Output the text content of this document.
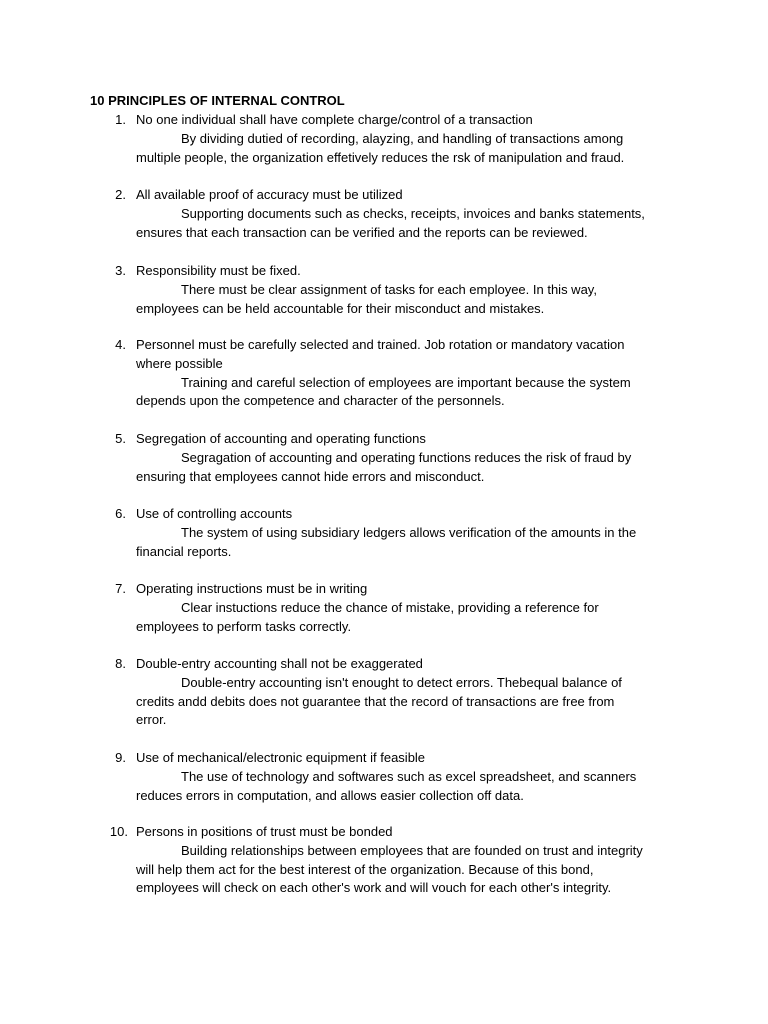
10 PRINCIPLES OF INTERNAL CONTROL
1. No one individual shall have complete charge/control of a transaction
By dividing dutied of recording, alayzing, and handling of transactions among
multiple people, the organization effetively reduces the rsk of manipulation and fraud.
2. All available proof of accuracy must be utilized
Supporting documents such as checks, receipts, invoices and banks statements,
ensures that each transaction can be verified and the reports can be reviewed.
3. Responsibility must be fixed.
There must be clear assignment of tasks for each employee. In this way,
employees can be held accountable for their misconduct and mistakes.
4. Personnel must be carefully selected and trained. Job rotation or mandatory vacation
where possible
Training and careful selection of employees are important because the system
depends upon the competence and character of the personnels.
5. Segregation of accounting and operating functions
Segragation of accounting and operating functions reduces the risk of fraud by
ensuring that employees cannot hide errors and misconduct.
6. Use of controlling accounts
The system of using subsidiary ledgers allows verification of the amounts in the
financial reports.
7. Operating instructions must be in writing
Clear instuctions reduce the chance of mistake, providing a reference for
employees to perform tasks correctly.
8. Double-entry accounting shall not be exaggerated
Double-entry accounting isn't enought to detect errors. Thebequal balance of
credits andd debits does not guarantee that the record of transactions are free from
error.
9. Use of mechanical/electronic equipment if feasible
The use of technology and softwares such as excel spreadsheet, and scanners
reduces errors in computation, and allows easier collection off data.
10. Persons in positions of trust must be bonded
Building relationships between employees that are founded on trust and integrity
will help them act for the best interest of the organization. Because of this bond,
employees will check on each other's work and will vouch for each other's integrity.
